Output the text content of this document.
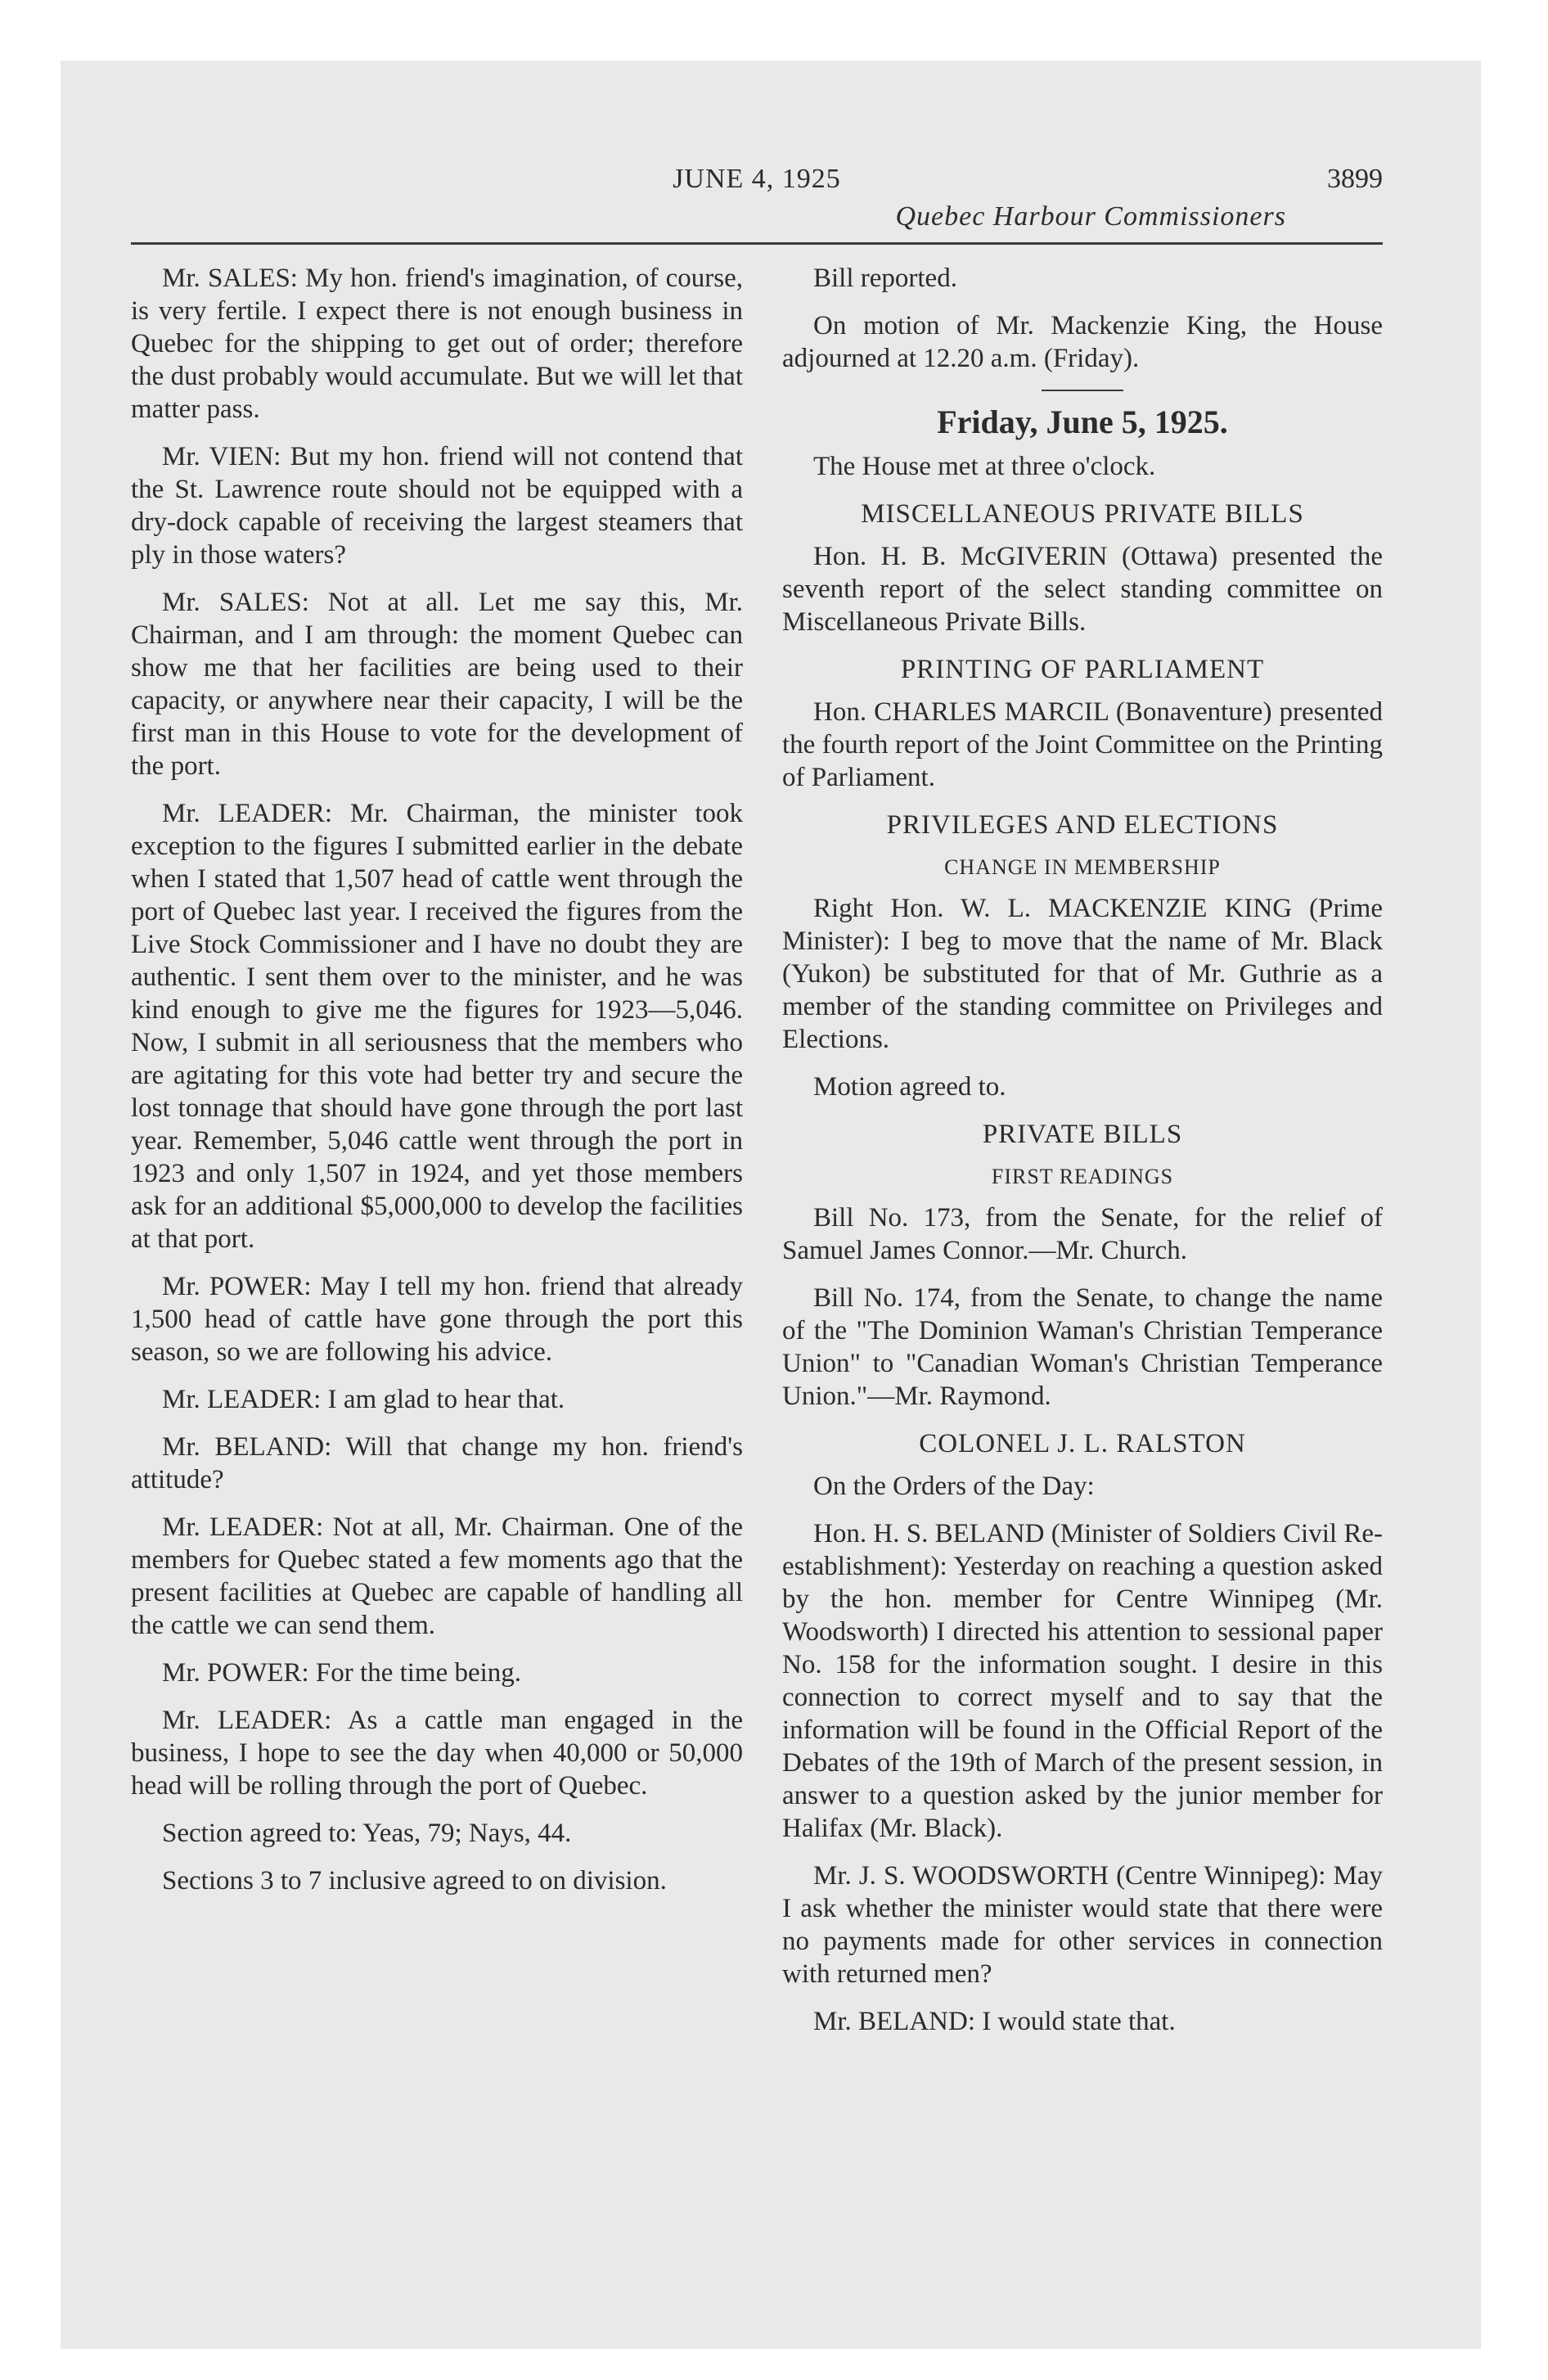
JUNE 4, 1925	3899
Quebec Harbour Commissioners

Mr. SALES: My hon. friend's imagination, of course, is very fertile. I expect there is not enough business in Quebec for the shipping to get out of order; therefore the dust probably would accumulate. But we will let that matter pass.

Mr. VIEN: But my hon. friend will not contend that the St. Lawrence route should not be equipped with a dry-dock capable of receiving the largest steamers that ply in those waters?

Mr. SALES: Not at all. Let me say this, Mr. Chairman, and I am through: the moment Quebec can show me that her facilities are being used to their capacity, or anywhere near their capacity, I will be the first man in this House to vote for the development of the port.

Mr. LEADER: Mr. Chairman, the minister took exception to the figures I submitted earlier in the debate when I stated that 1,507 head of cattle went through the port of Quebec last year. I received the figures from the Live Stock Commissioner and I have no doubt they are authentic. I sent them over to the minister, and he was kind enough to give me the figures for 1923—5,046. Now, I submit in all seriousness that the members who are agitating for this vote had better try and secure the lost tonnage that should have gone through the port last year. Remember, 5,046 cattle went through the port in 1923 and only 1,507 in 1924, and yet those members ask for an additional $5,000,000 to develop the facilities at that port.

Mr. POWER: May I tell my hon. friend that already 1,500 head of cattle have gone through the port this season, so we are following his advice.

Mr. LEADER: I am glad to hear that.

Mr. BELAND: Will that change my hon. friend's attitude?

Mr. LEADER: Not at all, Mr. Chairman. One of the members for Quebec stated a few moments ago that the present facilities at Quebec are capable of handling all the cattle we can send them.

Mr. POWER: For the time being.

Mr. LEADER: As a cattle man engaged in the business, I hope to see the day when 40,000 or 50,000 head will be rolling through the port of Quebec.

Section agreed to: Yeas, 79; Nays, 44.

Sections 3 to 7 inclusive agreed to on division.

Bill reported.

On motion of Mr. Mackenzie King, the House adjourned at 12.20 a.m. (Friday).

Friday, June 5, 1925.

The House met at three o'clock.

MISCELLANEOUS PRIVATE BILLS

Hon. H. B. McGIVERIN (Ottawa) presented the seventh report of the select standing committee on Miscellaneous Private Bills.

PRINTING OF PARLIAMENT

Hon. CHARLES MARCIL (Bonaventure) presented the fourth report of the Joint Committee on the Printing of Parliament.

PRIVILEGES AND ELECTIONS

CHANGE IN MEMBERSHIP

Right Hon. W. L. MACKENZIE KING (Prime Minister): I beg to move that the name of Mr. Black (Yukon) be substituted for that of Mr. Guthrie as a member of the standing committee on Privileges and Elections.

Motion agreed to.

PRIVATE BILLS

FIRST READINGS

Bill No. 173, from the Senate, for the relief of Samuel James Connor.—Mr. Church.

Bill No. 174, from the Senate, to change the name of the "The Dominion Waman's Christian Temperance Union" to "Canadian Woman's Christian Temperance Union."—Mr. Raymond.

COLONEL J. L. RALSTON

On the Orders of the Day:

Hon. H. S. BELAND (Minister of Soldiers Civil Re-establishment): Yesterday on reaching a question asked by the hon. member for Centre Winnipeg (Mr. Woodsworth) I directed his attention to sessional paper No. 158 for the information sought. I desire in this connection to correct myself and to say that the information will be found in the Official Report of the Debates of the 19th of March of the present session, in answer to a question asked by the junior member for Halifax (Mr. Black).

Mr. J. S. WOODSWORTH (Centre Winnipeg): May I ask whether the minister would state that there were no payments made for other services in connection with returned men?

Mr. BELAND: I would state that.
